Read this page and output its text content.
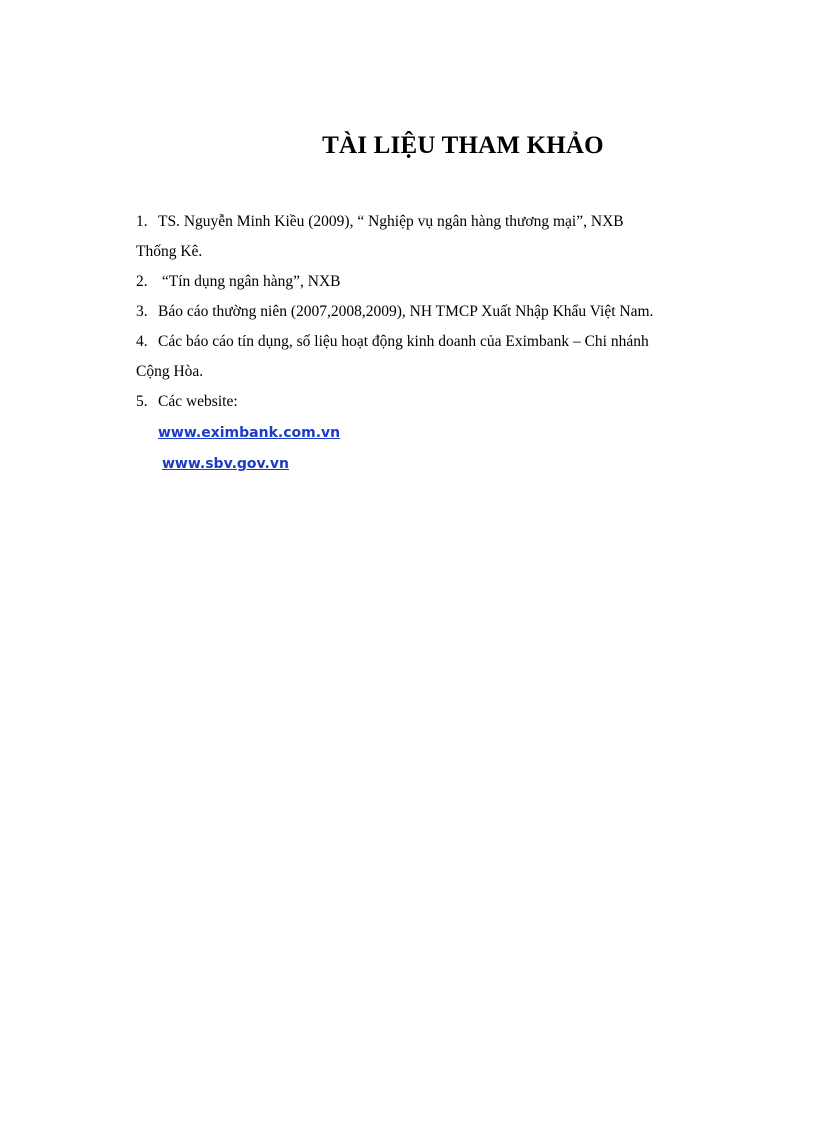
TÀI LIỆU THAM KHẢO
1. TS. Nguyễn Minh Kiều (2009), “ Nghiệp vụ ngân hàng thương mại”, NXB
Thống Kê.
2. “Tín dụng ngân hàng”, NXB
3. Báo cáo thường niên (2007,2008,2009), NH TMCP Xuất Nhập Khẩu Việt Nam.
4. Các báo cáo tín dụng, số liệu hoạt động kinh doanh của Eximbank – Chi nhánh
Cộng Hòa.
5. Các website:
www.eximbank.com.vn
www.sbv.gov.vn
